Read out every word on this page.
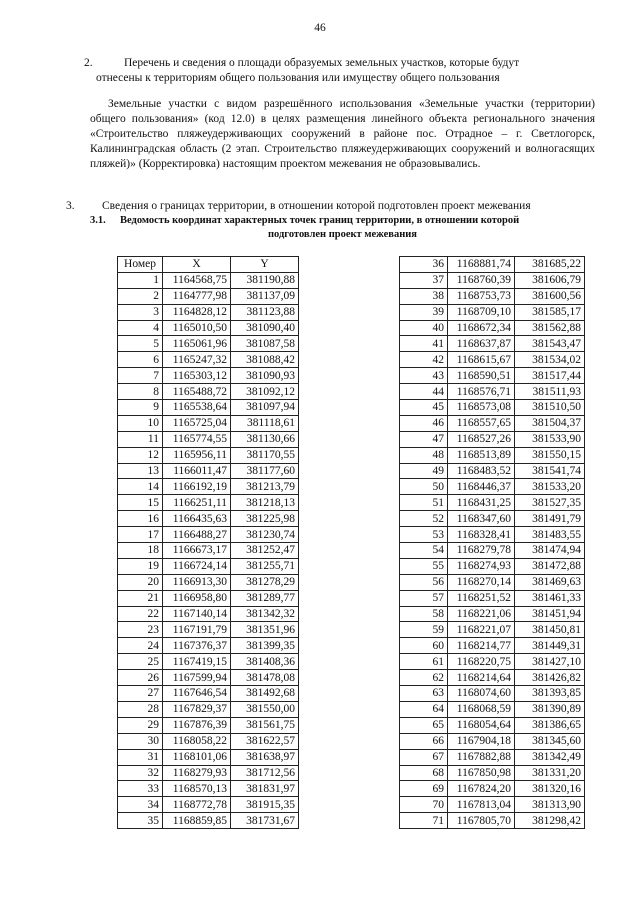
46
2.	Перечень и сведения о площади образуемых земельных участков, которые будут
отнесены к территориям общего пользования или имуществу общего пользования
Земельные участки с видом разрешённого использования «Земельные участки (территории) общего пользования» (код 12.0) в целях размещения линейного объекта регионального значения «Строительство пляжеудерживающих сооружений в районе пос. Отрадное – г. Светлогорск, Калининградская область (2 этап. Строительство пляжеудерживающих сооружений и волногасящих пляжей)» (Корректировка) настоящим проектом межевания не образовывались.
3. Сведения о границах территории, в отношении которой подготовлен проект межевания
3.1. Ведомость координат характерных точек границ территории, в отношении которой
подготовлен проект межевания
Номер	X	Y
1	1164568,75	381190,88
2	1164777,98	381137,09
3	1164828,12	381123,88
4	1165010,50	381090,40
5	1165061,96	381087,58
6	1165247,32	381088,42
7	1165303,12	381090,93
8	1165488,72	381092,12
9	1165538,64	381097,94
10	1165725,04	381118,61
11	1165774,55	381130,66
12	1165956,11	381170,55
13	1166011,47	381177,60
14	1166192,19	381213,79
15	1166251,11	381218,13
16	1166435,63	381225,98
17	1166488,27	381230,74
18	1166673,17	381252,47
19	1166724,14	381255,71
20	1166913,30	381278,29
21	1166958,80	381289,77
22	1167140,14	381342,32
23	1167191,79	381351,96
24	1167376,37	381399,35
25	1167419,15	381408,36
26	1167599,94	381478,08
27	1167646,54	381492,68
28	1167829,37	381550,00
29	1167876,39	381561,75
30	1168058,22	381622,57
31	1168101,06	381638,97
32	1168279,93	381712,56
33	1168570,13	381831,97
34	1168772,78	381915,35
35	1168859,85	381731,67
36	1168881,74	381685,22
37	1168760,39	381606,79
38	1168753,73	381600,56
39	1168709,10	381585,17
40	1168672,34	381562,88
41	1168637,87	381543,47
42	1168615,67	381534,02
43	1168590,51	381517,44
44	1168576,71	381511,93
45	1168573,08	381510,50
46	1168557,65	381504,37
47	1168527,26	381533,90
48	1168513,89	381550,15
49	1168483,52	381541,74
50	1168446,37	381533,20
51	1168431,25	381527,35
52	1168347,60	381491,79
53	1168328,41	381483,55
54	1168279,78	381474,94
55	1168274,93	381472,88
56	1168270,14	381469,63
57	1168251,52	381461,33
58	1168221,06	381451,94
59	1168221,07	381450,81
60	1168214,77	381449,31
61	1168220,75	381427,10
62	1168214,64	381426,82
63	1168074,60	381393,85
64	1168068,59	381390,89
65	1168054,64	381386,65
66	1167904,18	381345,60
67	1167882,88	381342,49
68	1167850,98	381331,20
69	1167824,20	381320,16
70	1167813,04	381313,90
71	1167805,70	381298,42
